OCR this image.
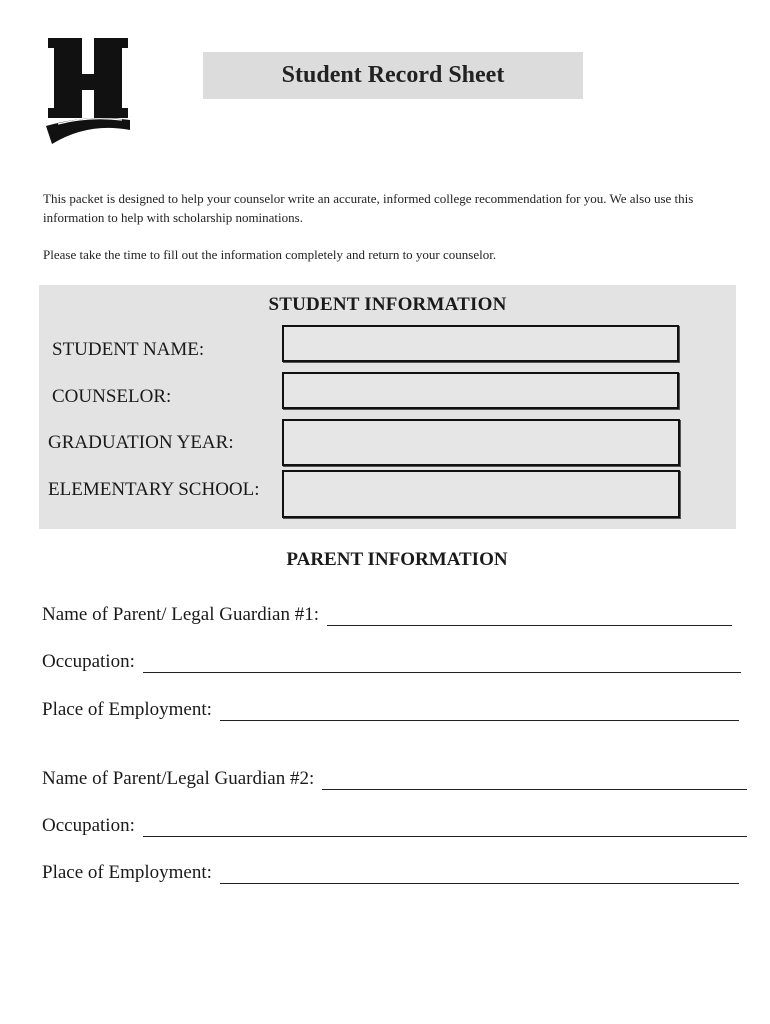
Student Record Sheet
This packet is designed to help your counselor write an accurate, informed college recommendation for you. We also use this information to help with scholarship nominations.
Please take the time to fill out the information completely and return to your counselor.
STUDENT INFORMATION
STUDENT NAME:
COUNSELOR:
GRADUATION YEAR:
ELEMENTARY SCHOOL:
PARENT INFORMATION
Name of Parent/ Legal Guardian #1:
Occupation:
Place of Employment:
Name of Parent/Legal Guardian #2:
Occupation:
Place of Employment:
